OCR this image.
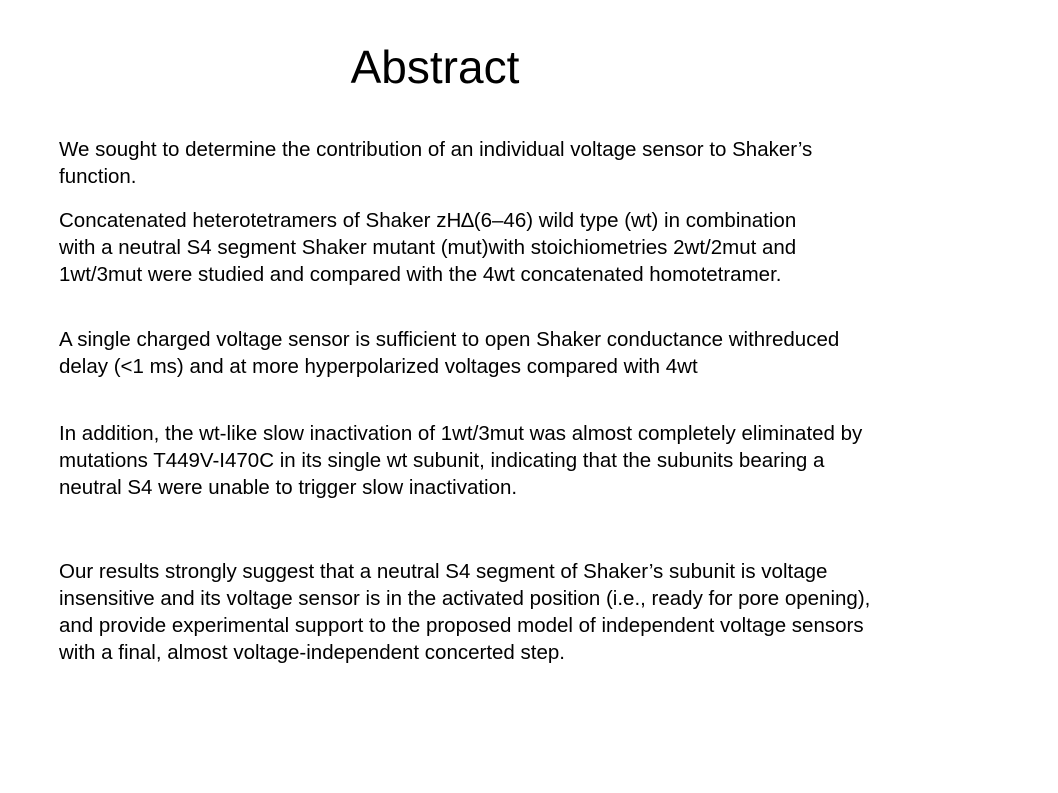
Abstract

We sought to determine the contribution of an individual voltage sensor to Shaker’s
function.

Concatenated heterotetramers of Shaker zH∆(6–46) wild type (wt) in combination
with a neutral S4 segment Shaker mutant (mut)with stoichiometries 2wt/2mut and
1wt/3mut were studied and compared with the 4wt concatenated homotetramer.

A single charged voltage sensor is sufficient to open Shaker conductance withreduced
delay (<1 ms) and at more hyperpolarized voltages compared with 4wt

In addition, the wt-like slow inactivation of 1wt/3mut was almost completely eliminated by
mutations T449V-I470C in its single wt subunit, indicating that the subunits bearing a
neutral S4 were unable to trigger slow inactivation.

Our results strongly suggest that a neutral S4 segment of Shaker’s subunit is voltage
insensitive and its voltage sensor is in the activated position (i.e., ready for pore opening),
and provide experimental support to the proposed model of independent voltage sensors
with a final, almost voltage-independent concerted step.
